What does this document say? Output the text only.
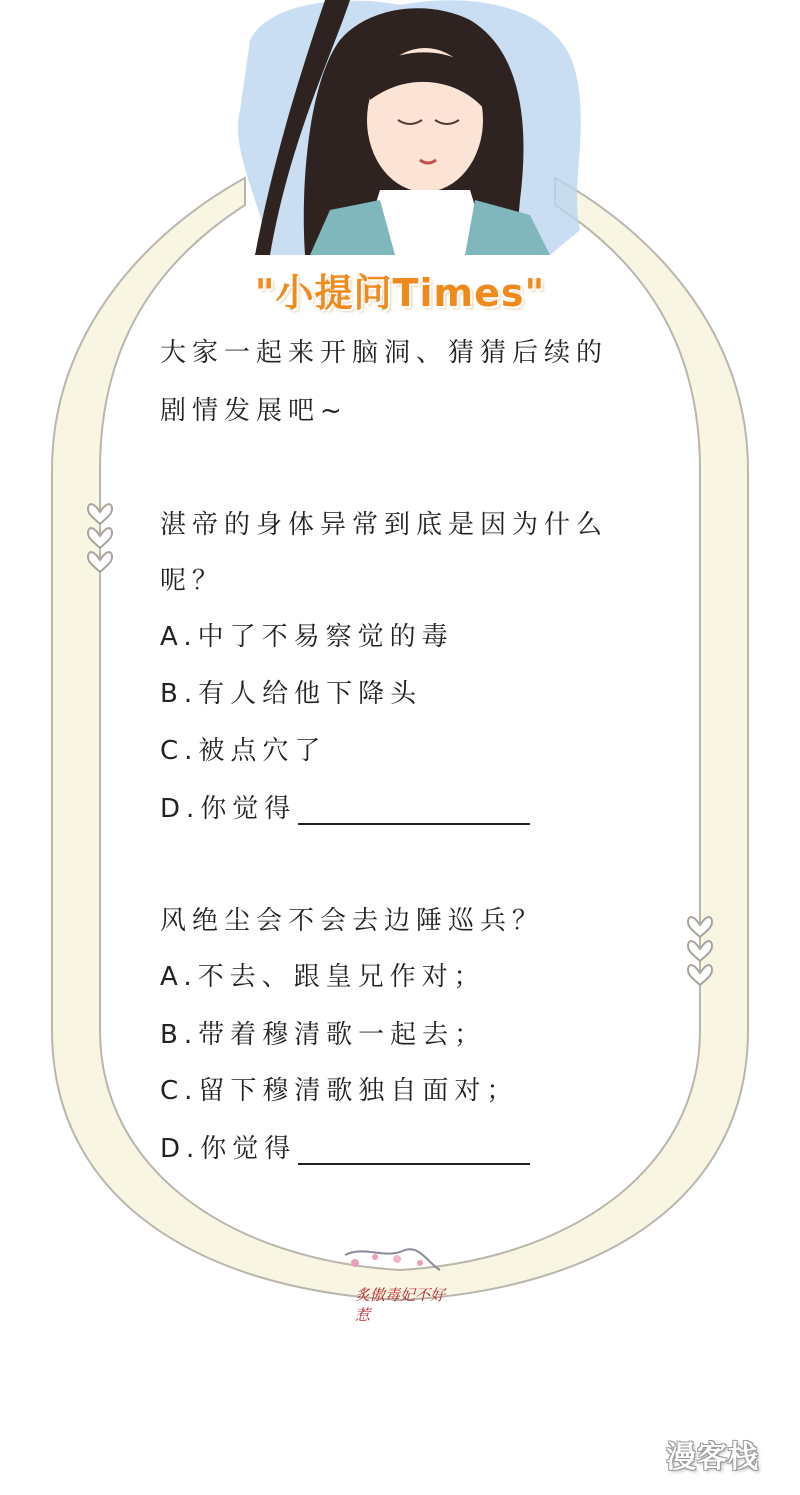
"小提问Times"
大家一起来开脑洞、猜猜后续的
剧情发展吧~
湛帝的身体异常到底是因为什么
呢？
A.中了不易察觉的毒
B.有人给他下降头
C.被点穴了
D.你觉得
风绝尘会不会去边陲巡兵？
A.不去、跟皇兄作对；
B.带着穆清歌一起去；
C.留下穆清歌独自面对；
D.你觉得
炙傲毒妃不好惹
漫客栈
